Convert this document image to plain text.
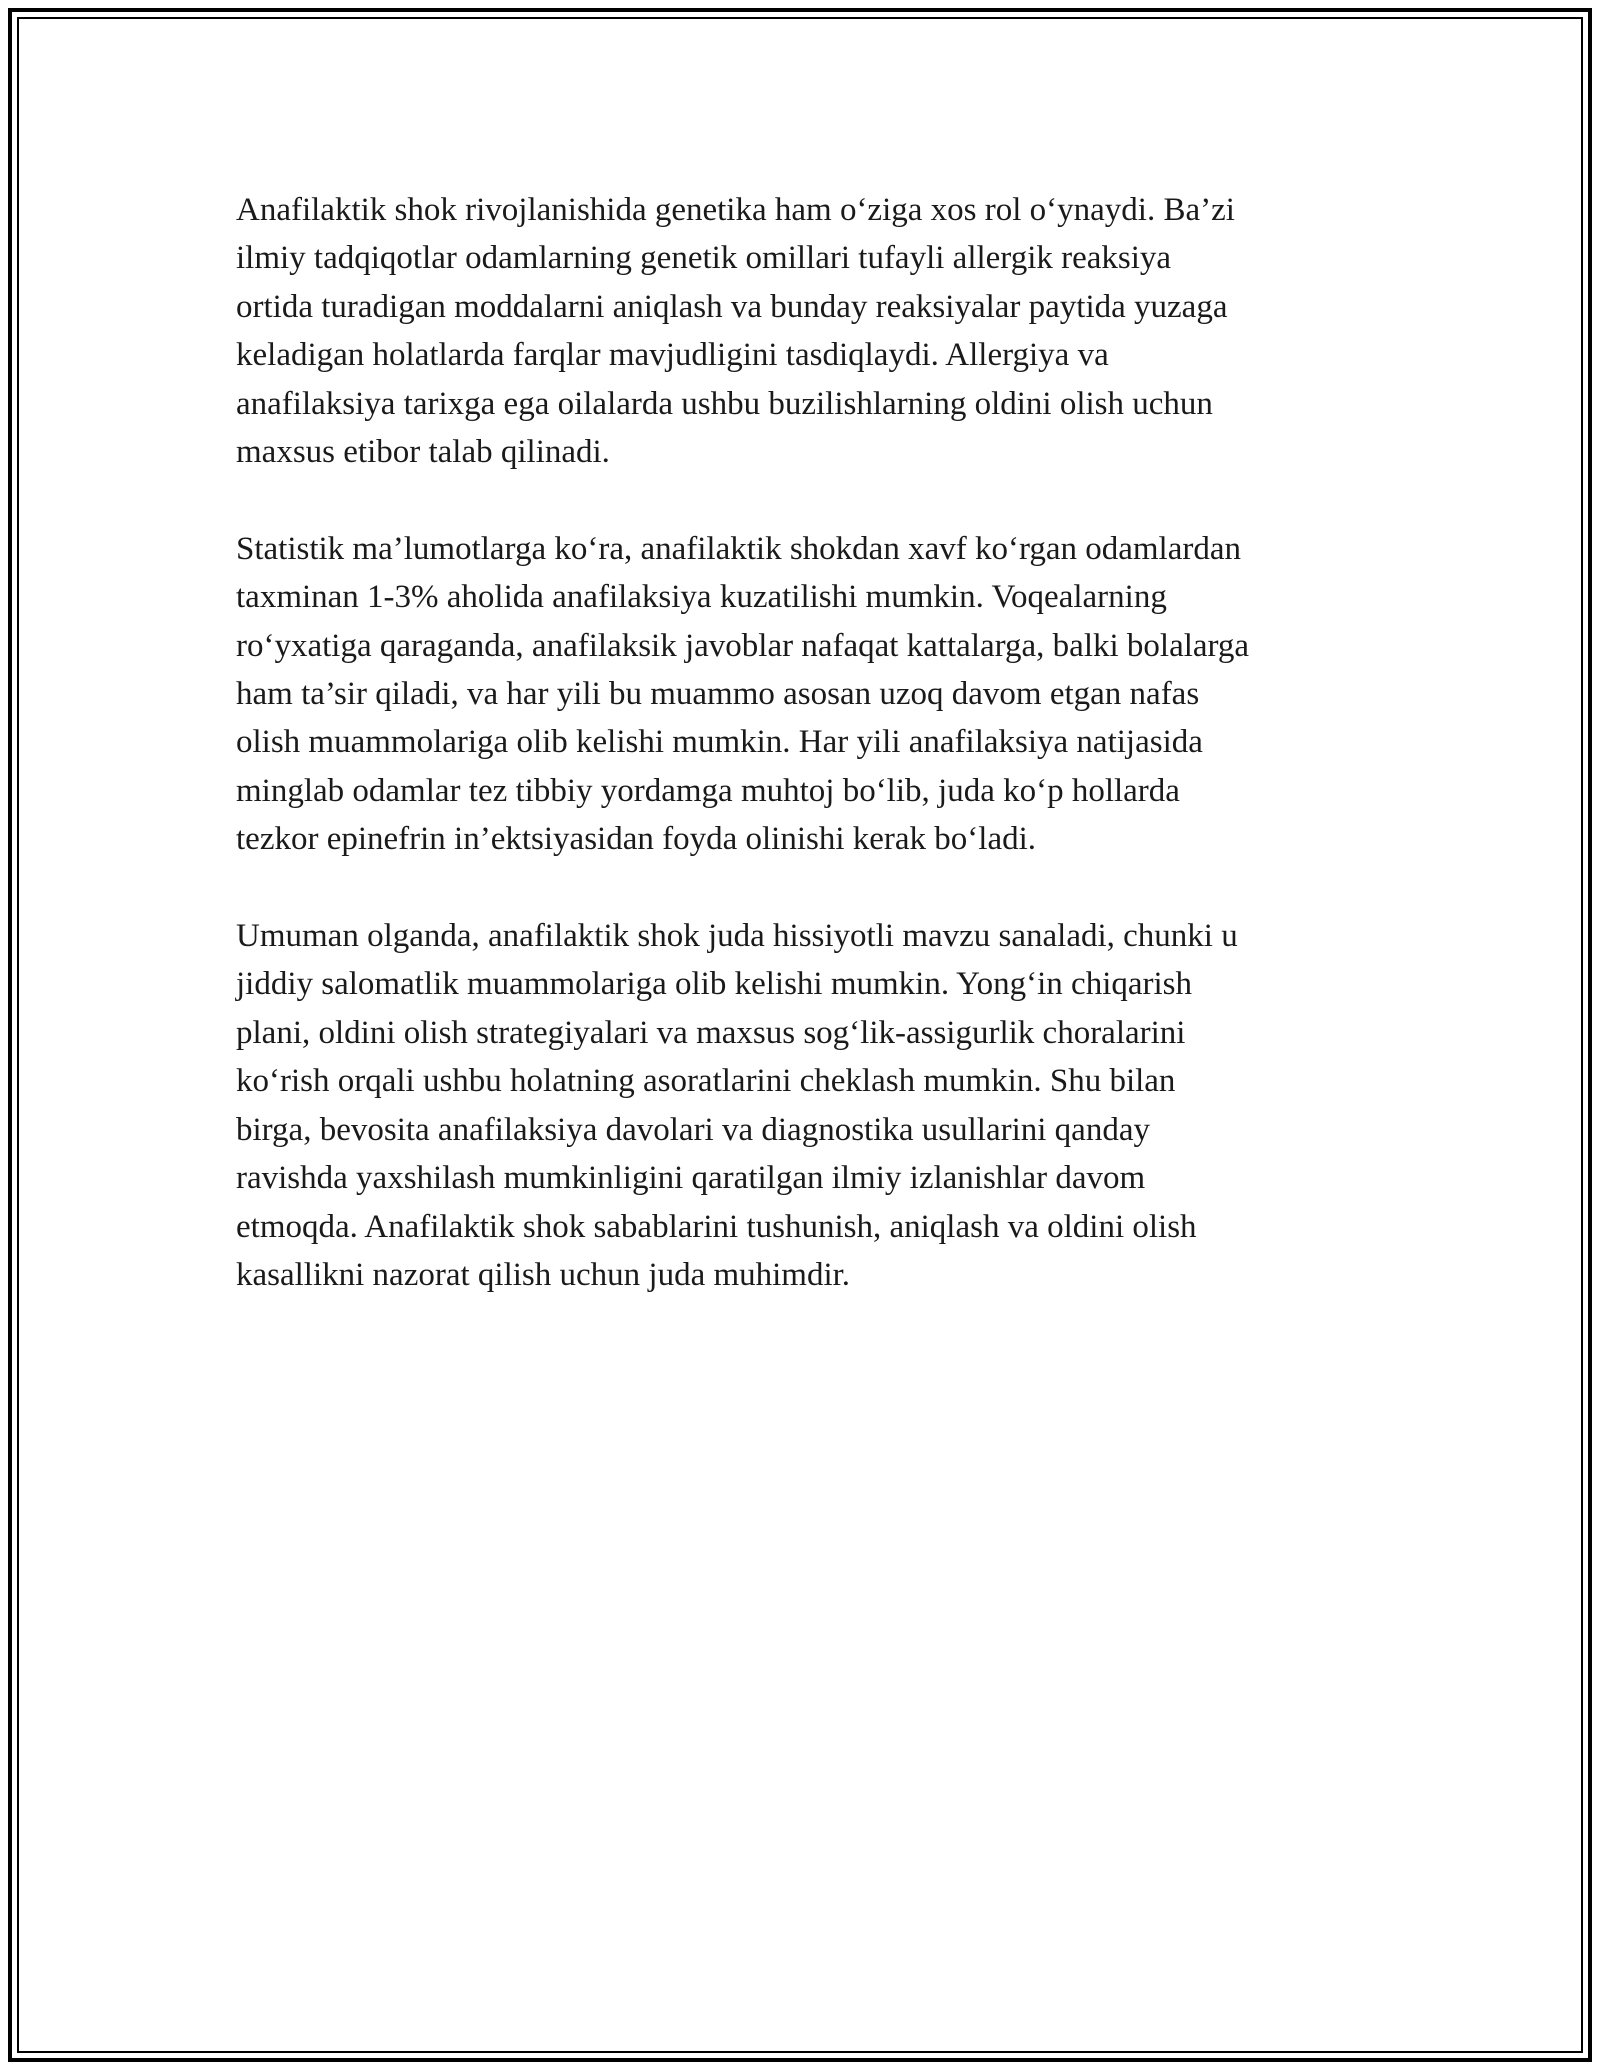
Anafilaktik shok rivojlanishida genetika ham o‘ziga xos rol o‘ynaydi. Ba’zi
ilmiy tadqiqotlar odamlarning genetik omillari tufayli allergik reaksiya
ortida turadigan moddalarni aniqlash va bunday reaksiyalar paytida yuzaga
keladigan holatlarda farqlar mavjudligini tasdiqlaydi. Allergiya va
anafilaksiya tarixga ega oilalarda ushbu buzilishlarning oldini olish uchun
maxsus etibor talab qilinadi.

Statistik ma’lumotlarga ko‘ra, anafilaktik shokdan xavf ko‘rgan odamlardan
taxminan 1-3% aholida anafilaksiya kuzatilishi mumkin. Voqealarning
ro‘yxatiga qaraganda, anafilaksik javoblar nafaqat kattalarga, balki bolalarga
ham ta’sir qiladi, va har yili bu muammo asosan uzoq davom etgan nafas
olish muammolariga olib kelishi mumkin. Har yili anafilaksiya natijasida
minglab odamlar tez tibbiy yordamga muhtoj bo‘lib, juda ko‘p hollarda
tezkor epinefrin in’ektsiyasidan foyda olinishi kerak bo‘ladi.

Umuman olganda, anafilaktik shok juda hissiyotli mavzu sanaladi, chunki u
jiddiy salomatlik muammolariga olib kelishi mumkin. Yong‘in chiqarish
plani, oldini olish strategiyalari va maxsus sog‘lik-assigurlik choralarini
ko‘rish orqali ushbu holatning asoratlarini cheklash mumkin. Shu bilan
birga, bevosita anafilaksiya davolari va diagnostika usullarini qanday
ravishda yaxshilash mumkinligini qaratilgan ilmiy izlanishlar davom
etmoqda. Anafilaktik shok sabablarini tushunish, aniqlash va oldini olish
kasallikni nazorat qilish uchun juda muhimdir.
